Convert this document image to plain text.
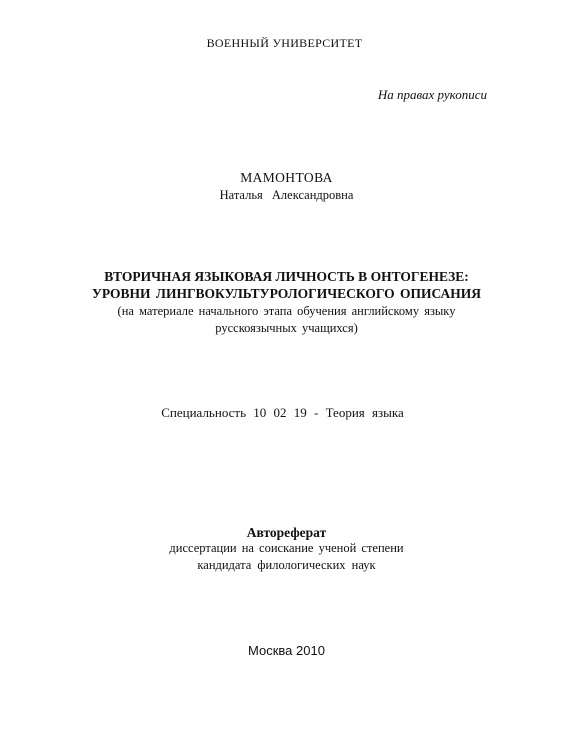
ВОЕННЫЙ УНИВЕРСИТЕТ
На правах рукописи
МАМОНТОВА
Наталья Александровна
ВТОРИЧНАЯ ЯЗЫКОВАЯ ЛИЧНОСТЬ В ОНТОГЕНЕЗЕ:
УРОВНИ ЛИНГВОКУЛЬТУРОЛОГИЧЕСКОГО ОПИСАНИЯ
(на материале начального этапа обучения английскому языку
русскоязычных учащихся)
Специальность 10 02 19 - Теория языка
Автореферат
диссертации на соискание ученой степени
кандидата филологических наук
Москва 2010
